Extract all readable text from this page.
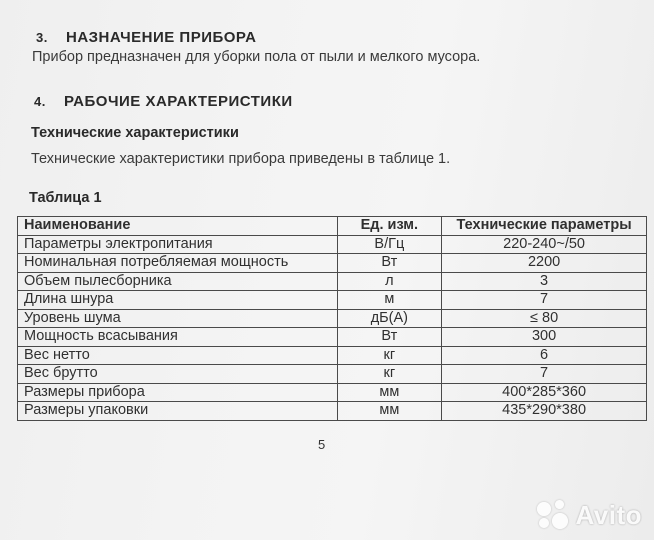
3. НАЗНАЧЕНИЕ ПРИБОРА
Прибор предназначен для уборки пола от пыли и мелкого мусора.
4. РАБОЧИЕ ХАРАКТЕРИСТИКИ
Технические характеристики
Технические характеристики прибора приведены в таблице 1.
Таблица 1
Наименование	Ед. изм.	Технические параметры
Параметры электропитания	В/Гц	220-240~/50
Номинальная потребляемая мощность	Вт	2200
Объем пылесборника	л	3
Длина шнура	м	7
Уровень шума	дБ(А)	≤ 80
Мощность всасывания	Вт	300
Вес нетто	кг	6
Вес брутто	кг	7
Размеры прибора	мм	400*285*360
Размеры упаковки	мм	435*290*380
5
Avito
